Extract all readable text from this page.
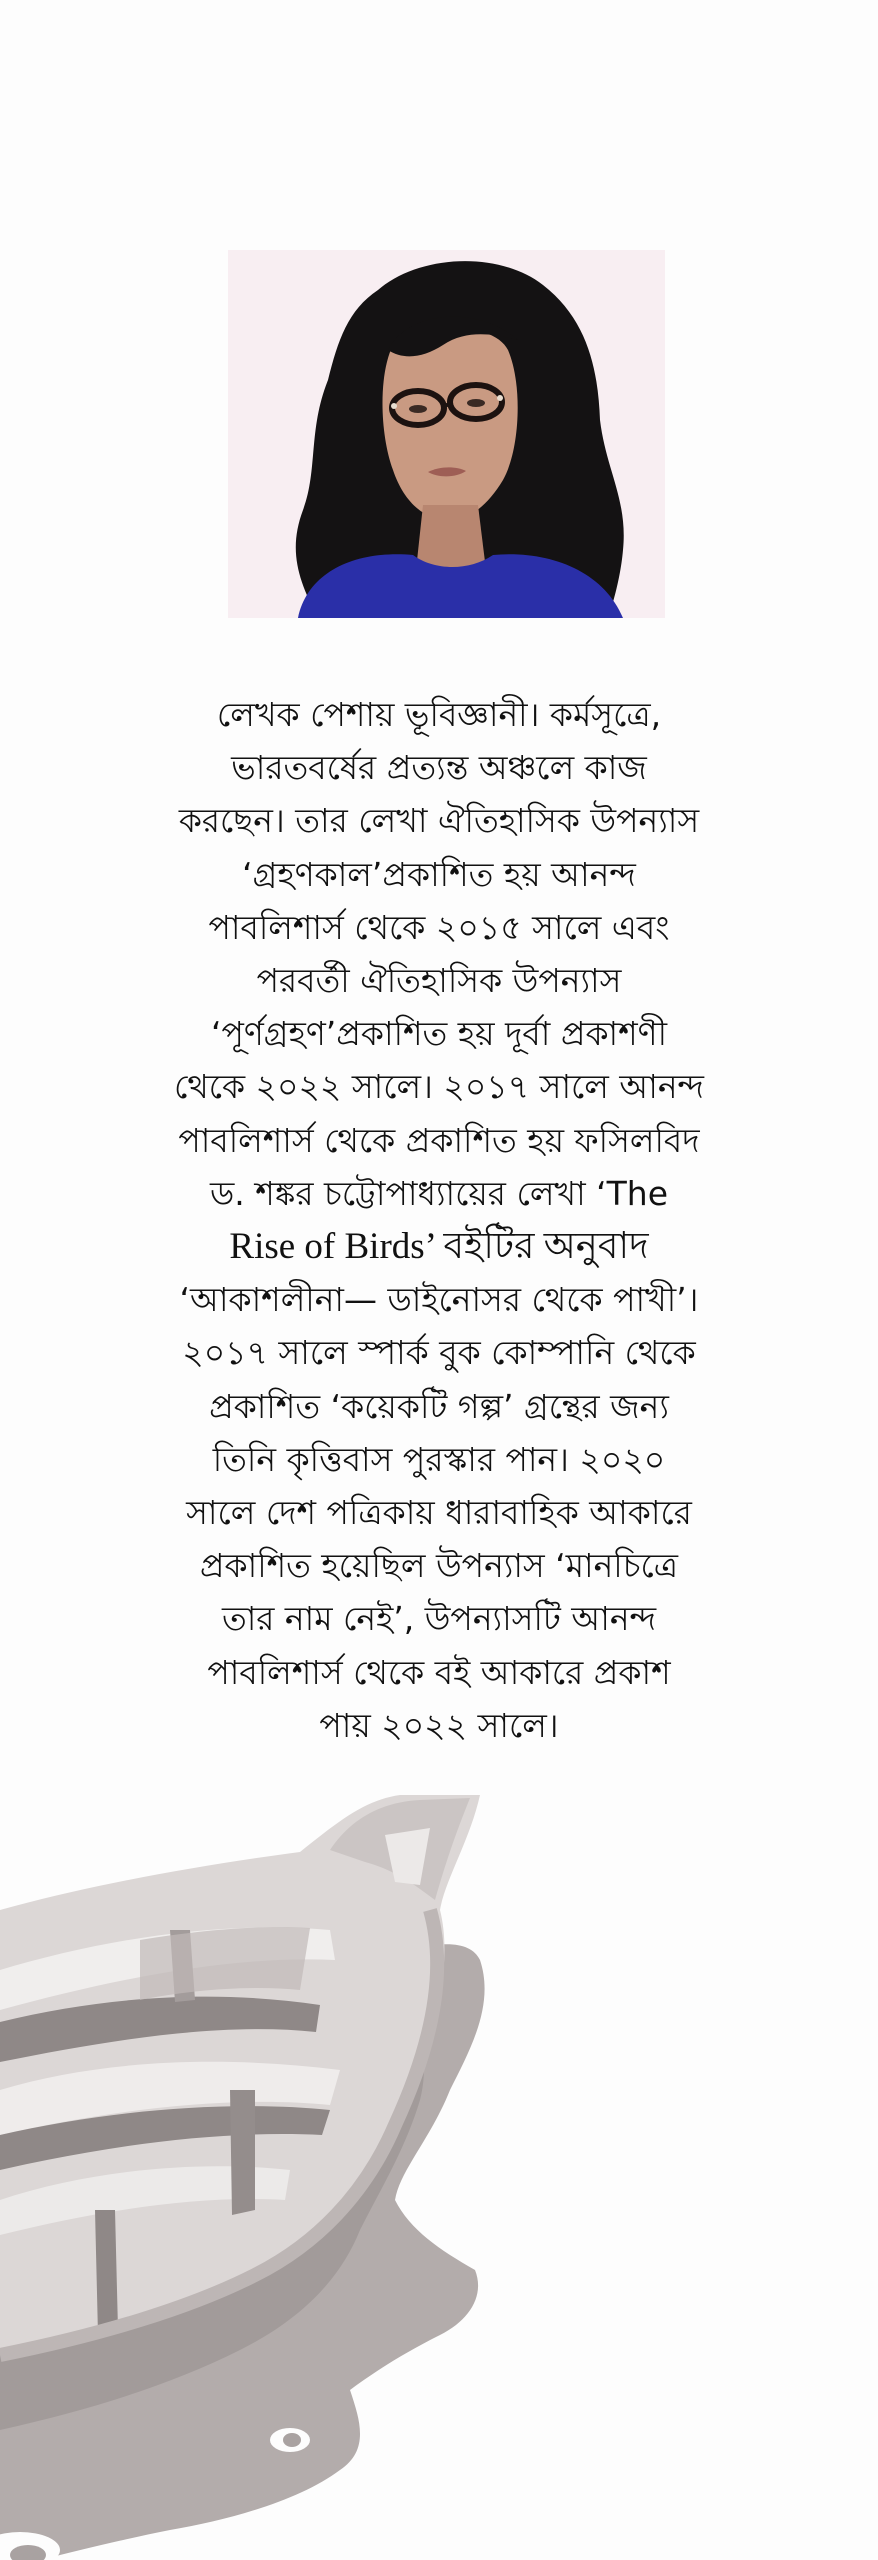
লেখক পেশায় ভূবিজ্ঞানী। কর্মসূত্রে,
ভারতবর্ষের প্রত্যন্ত অঞ্চলে কাজ
করছেন। তার লেখা ঐতিহাসিক উপন্যাস
‘গ্রহণকাল’প্রকাশিত হয় আনন্দ
পাবলিশার্স থেকে ২০১৫ সালে এবং
পরবর্তী ঐতিহাসিক উপন্যাস
‘পূর্ণগ্রহণ’প্রকাশিত হয় দূর্বা প্রকাশণী
থেকে ২০২২ সালে। ২০১৭ সালে আনন্দ
পাবলিশার্স থেকে প্রকাশিত হয় ফসিলবিদ
ড. শঙ্কর চট্টোপাধ্যায়ের লেখা ‘The
Rise of Birds’ বইটির অনুবাদ
‘আকাশলীনা— ডাইনোসর থেকে পাখী’।
২০১৭ সালে স্পার্ক বুক কোম্পানি থেকে
প্রকাশিত ‘কয়েকটি গল্প’ গ্রন্থের জন্য
তিনি কৃত্তিবাস পুরস্কার পান। ২০২০
সালে দেশ পত্রিকায় ধারাবাহিক আকারে
প্রকাশিত হয়েছিল উপন্যাস ‘মানচিত্রে
তার নাম নেই’, উপন্যাসটি আনন্দ
পাবলিশার্স থেকে বই আকারে প্রকাশ
পায় ২০২২ সালে।
